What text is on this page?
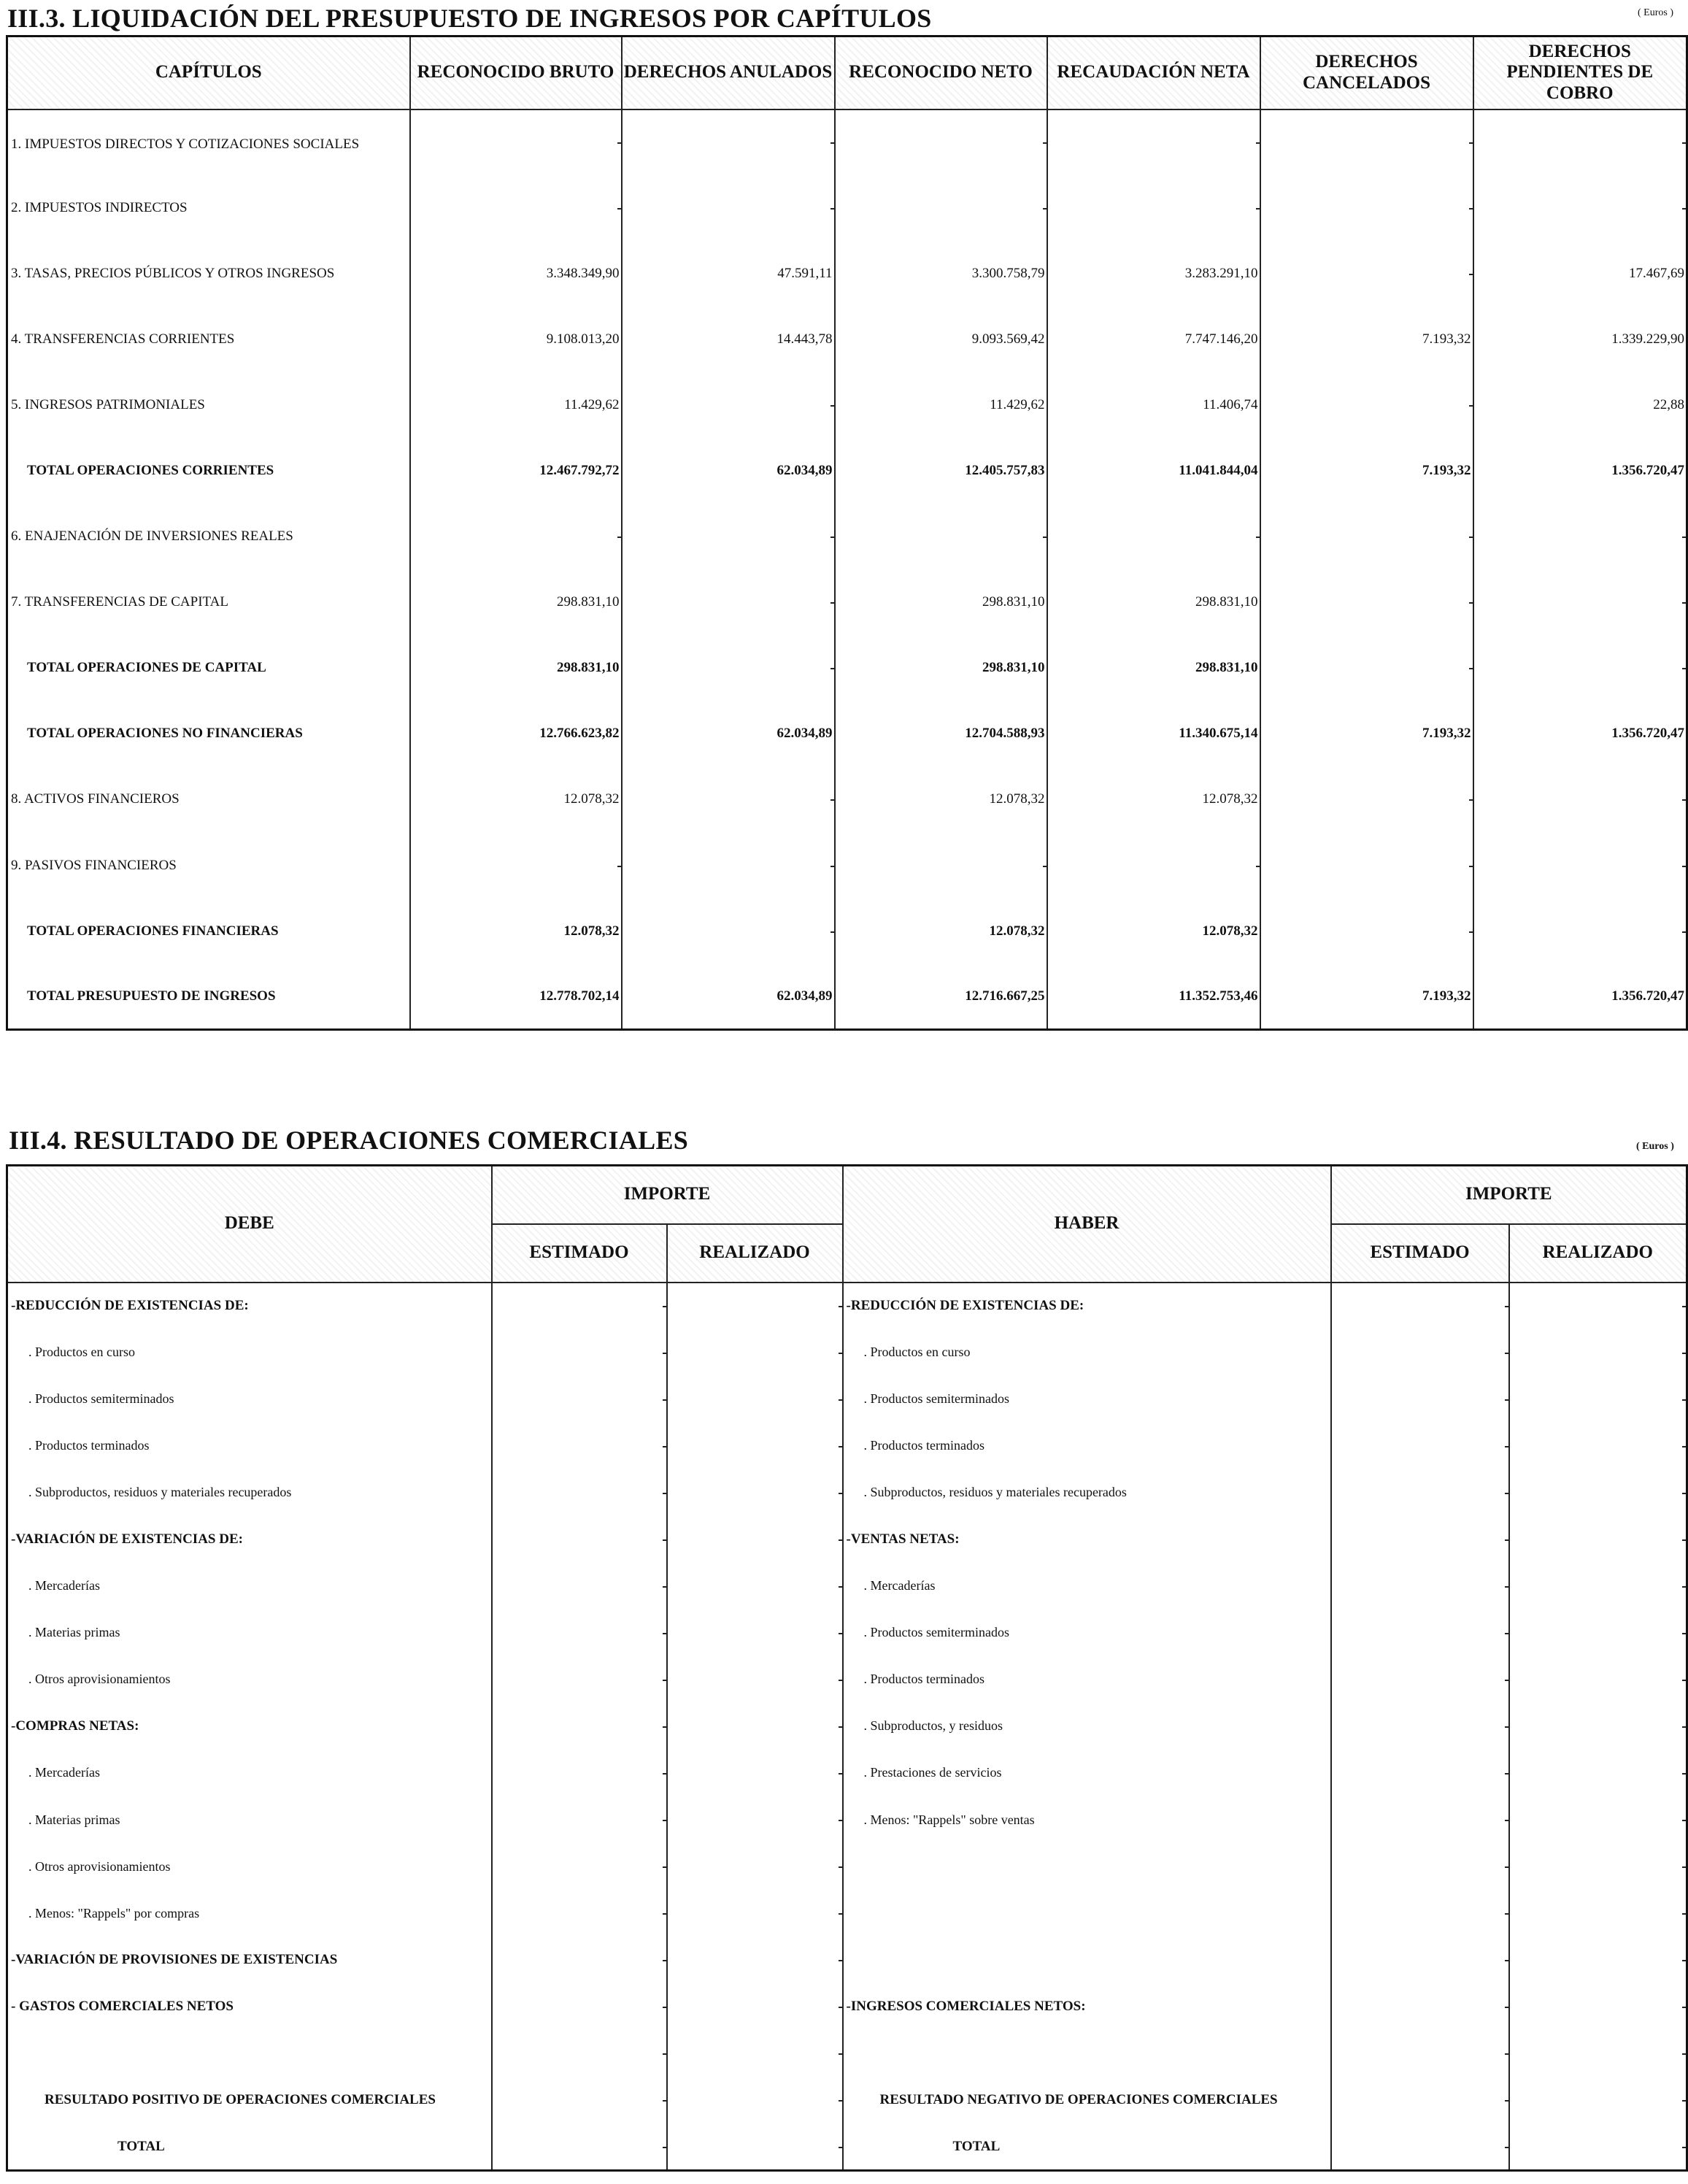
III.3. LIQUIDACIÓN DEL PRESUPUESTO DE INGRESOS POR CAPÍTULOS	( Euros )
CAPÍTULOS	RECONOCIDO BRUTO	DERECHOS ANULADOS	RECONOCIDO NETO	RECAUDACIÓN NETA	DERECHOS CANCELADOS	DERECHOS PENDIENTES DE COBRO
1. IMPUESTOS DIRECTOS Y COTIZACIONES SOCIALES						
2. IMPUESTOS INDIRECTOS						
3. TASAS, PRECIOS PÚBLICOS Y OTROS INGRESOS	3.348.349,90	47.591,11	3.300.758,79	3.283.291,10		17.467,69
4. TRANSFERENCIAS CORRIENTES	9.108.013,20	14.443,78	9.093.569,42	7.747.146,20	7.193,32	1.339.229,90
5. INGRESOS PATRIMONIALES	11.429,62		11.429,62	11.406,74		22,88
TOTAL OPERACIONES CORRIENTES	12.467.792,72	62.034,89	12.405.757,83	11.041.844,04	7.193,32	1.356.720,47
6. ENAJENACIÓN DE INVERSIONES REALES						
7. TRANSFERENCIAS DE CAPITAL	298.831,10		298.831,10	298.831,10		
TOTAL OPERACIONES DE CAPITAL	298.831,10		298.831,10	298.831,10		
TOTAL OPERACIONES NO FINANCIERAS	12.766.623,82	62.034,89	12.704.588,93	11.340.675,14	7.193,32	1.356.720,47
8. ACTIVOS FINANCIEROS	12.078,32		12.078,32	12.078,32		
9. PASIVOS FINANCIEROS						
TOTAL OPERACIONES FINANCIERAS	12.078,32		12.078,32	12.078,32		
TOTAL PRESUPUESTO DE INGRESOS	12.778.702,14	62.034,89	12.716.667,25	11.352.753,46	7.193,32	1.356.720,47
III.4. RESULTADO DE OPERACIONES COMERCIALES	( Euros )
DEBE	IMPORTE		HABER	IMPORTE	
	ESTIMADO	REALIZADO		ESTIMADO	REALIZADO
-REDUCCIÓN DE EXISTENCIAS DE:			-REDUCCIÓN DE EXISTENCIAS DE:		
. Productos en curso			. Productos en curso		
. Productos semiterminados			. Productos semiterminados		
. Productos terminados			. Productos terminados		
. Subproductos, residuos y materiales recuperados			. Subproductos, residuos y materiales recuperados		
-VARIACIÓN DE EXISTENCIAS DE:			-VENTAS NETAS:		
. Mercaderías			. Mercaderías		
. Materias primas			. Productos semiterminados		
. Otros aprovisionamientos			. Productos terminados		
-COMPRAS NETAS:			. Subproductos, y residuos		
. Mercaderías			. Prestaciones de servicios		
. Materias primas			. Menos: "Rappels" sobre ventas		
. Otros aprovisionamientos					
. Menos: "Rappels" por compras					
-VARIACIÓN DE PROVISIONES DE EXISTENCIAS					
- GASTOS COMERCIALES NETOS			-INGRESOS COMERCIALES NETOS:		

RESULTADO POSITIVO DE OPERACIONES COMERCIALES			RESULTADO NEGATIVO DE OPERACIONES COMERCIALES		
TOTAL			TOTAL		
